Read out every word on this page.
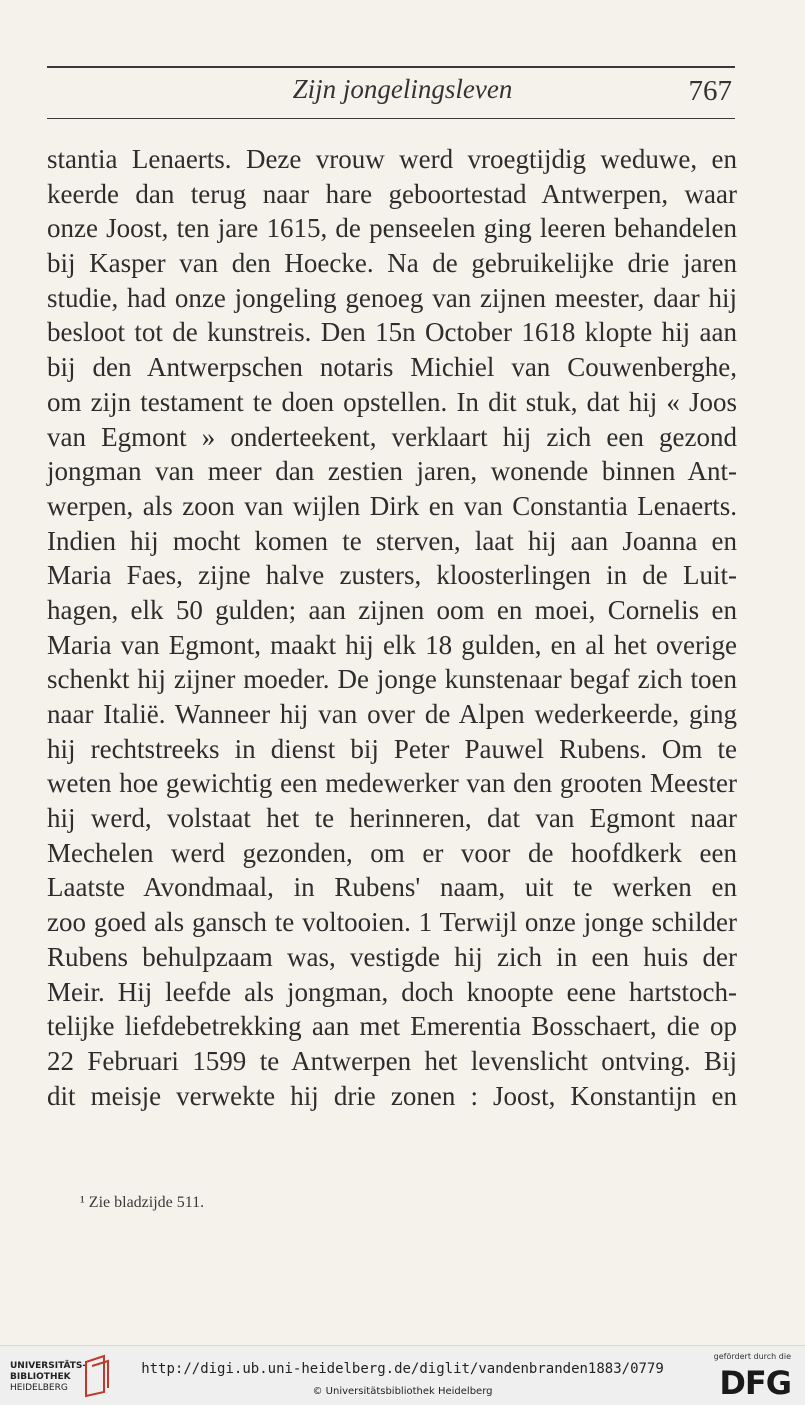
Zijn jongelingsleven	767
stantia Lenaerts. Deze vrouw werd vroegtijdig weduwe, en
keerde dan terug naar hare geboortestad Antwerpen, waar
onze Joost, ten jare 1615, de penseelen ging leeren behandelen
bij Kasper van den Hoecke. Na de gebruikelijke drie jaren
studie, had onze jongeling genoeg van zijnen meester, daar hij
besloot tot de kunstreis. Den 15n October 1618 klopte hij aan
bij den Antwerpschen notaris Michiel van Couwenberghe,
om zijn testament te doen opstellen. In dit stuk, dat hij « Joos
van Egmont » onderteekent, verklaart hij zich een gezond
jongman van meer dan zestien jaren, wonende binnen Ant-
werpen, als zoon van wijlen Dirk en van Constantia Lenaerts.
Indien hij mocht komen te sterven, laat hij aan Joanna en
Maria Faes, zijne halve zusters, kloosterlingen in de Luit-
hagen, elk 50 gulden; aan zijnen oom en moei, Cornelis en
Maria van Egmont, maakt hij elk 18 gulden, en al het overige
schenkt hij zijner moeder. De jonge kunstenaar begaf zich toen
naar Italië. Wanneer hij van over de Alpen wederkeerde, ging
hij rechtstreeks in dienst bij Peter Pauwel Rubens. Om te
weten hoe gewichtig een medewerker van den grooten Meester
hij werd, volstaat het te herinneren, dat van Egmont naar
Mechelen werd gezonden, om er voor de hoofdkerk een
Laatste Avondmaal, in Rubens' naam, uit te werken en
zoo goed als gansch te voltooien. 1 Terwijl onze jonge schilder
Rubens behulpzaam was, vestigde hij zich in een huis der
Meir. Hij leefde als jongman, doch knoopte eene hartstoch-
telijke liefdebetrekking aan met Emerentia Bosschaert, die op
22 Februari 1599 te Antwerpen het levenslicht ontving. Bij
dit meisje verwekte hij drie zonen : Joost, Konstantijn en
¹ Zie bladzijde 511.
UNIVERSITÄTS-
BIBLIOTHEK
HEIDELBERG
http://digi.ub.uni-heidelberg.de/diglit/vandenbranden1883/0779
© Universitätsbibliothek Heidelberg
gefördert durch die
DFG
